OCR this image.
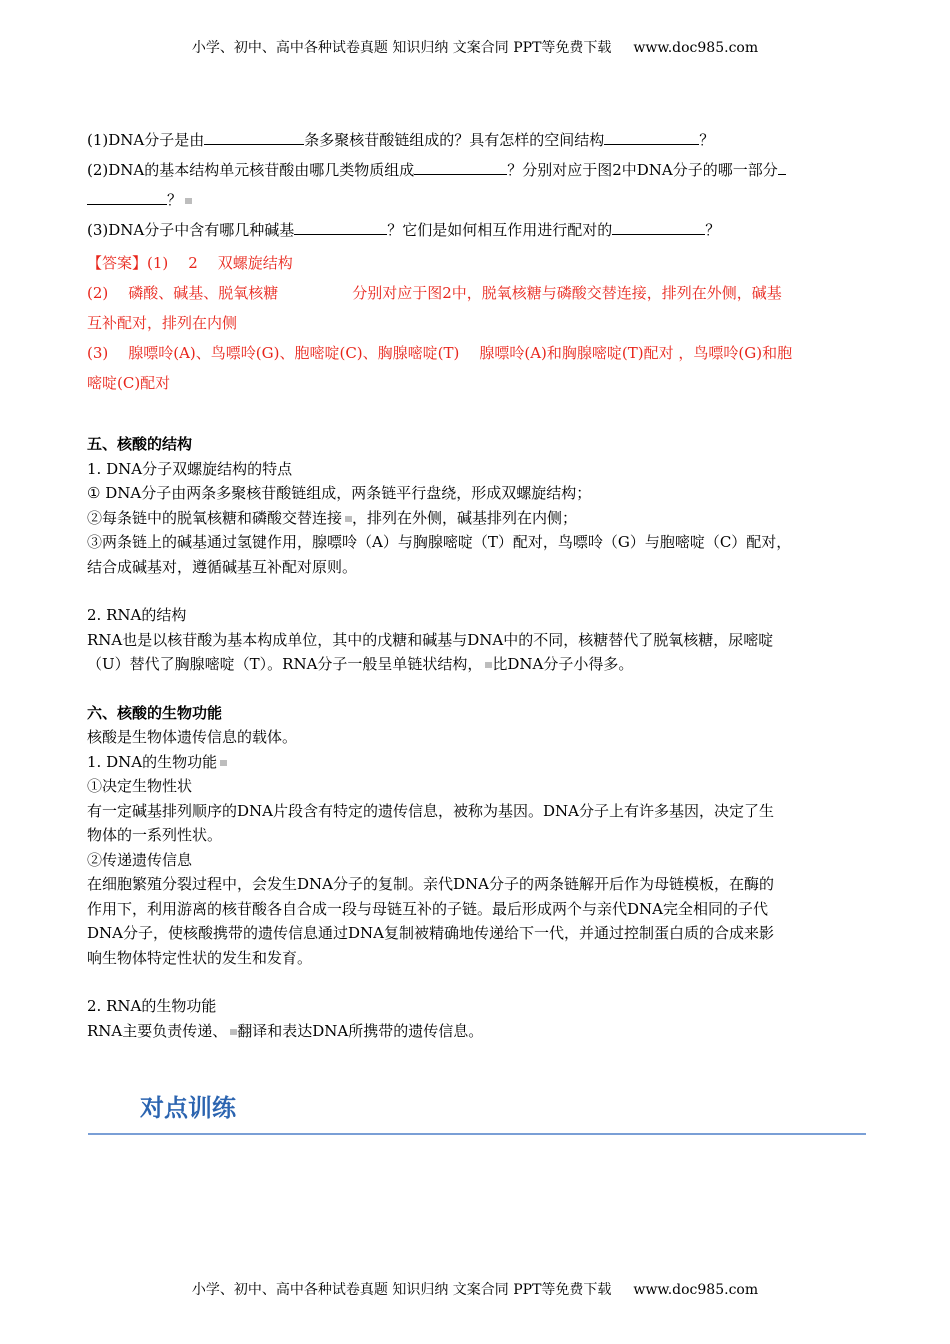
小学、初中、高中各种试卷真题 知识归纳 文案合同 PPT等免费下载 www.doc985.com

(1)DNA分子是由	条多聚核苷酸链组成的？具有怎样的空间结构	？

(2)DNA的基本结构单元核苷酸由哪几类物质组成	？分别对应于图2中DNA分子的哪一部分

？

(3)DNA分子中含有哪几种碱基	？它们是如何相互作用进行配对的	？

【答案】(1) 2 双螺旋结构

(2) 磷酸、碱基、脱氧核糖	分别对应于图2中，脱氧核糖与磷酸交替连接，排列在外侧，碱基

互补配对，排列在内侧

(3) 腺嘌呤(A)、鸟嘌呤(G)、胞嘧啶(C)、胸腺嘧啶(T) 腺嘌呤(A)和胸腺嘧啶(T)配对 ，鸟嘌呤(G)和胞

嘧啶(C)配对

五、核酸的结构

1. DNA分子双螺旋结构的特点

① DNA分子由两条多聚核苷酸链组成，两条链平行盘绕，形成双螺旋结构；

②每条链中的脱氧核糖和磷酸交替连接 ，排列在外侧，碱基排列在内侧；

③两条链上的碱基通过氢键作用，腺嘌呤（A）与胸腺嘧啶（T）配对，鸟嘌呤（G）与胞嘧啶（C）配对，

结合成碱基对，遵循碱基互补配对原则。

2. RNA的结构

RNA也是以核苷酸为基本构成单位，其中的戊糖和碱基与DNA中的不同，核糖替代了脱氧核糖，尿嘧啶

（U）替代了胸腺嘧啶（T）。RNA分子一般呈单链状结构， 比DNA分子小得多。

六、核酸的生物功能

核酸是生物体遗传信息的载体。

1. DNA的生物功能

①决定生物性状

有一定碱基排列顺序的DNA片段含有特定的遗传信息，被称为基因。DNA分子上有许多基因，决定了生

物体的一系列性状。

②传递遗传信息

在细胞繁殖分裂过程中，会发生DNA分子的复制。亲代DNA分子的两条链解开后作为母链模板，在酶的

作用下，利用游离的核苷酸各自合成一段与母链互补的子链。最后形成两个与亲代DNA完全相同的子代

DNA分子，使核酸携带的遗传信息通过DNA复制被精确地传递给下一代，并通过控制蛋白质的合成来影

响生物体特定性状的发生和发育。

2. RNA的生物功能

RNA主要负责传递、 翻译和表达DNA所携带的遗传信息。

对点训练
小学、初中、高中各种试卷真题 知识归纳 文案合同 PPT等免费下载 www.doc985.com
